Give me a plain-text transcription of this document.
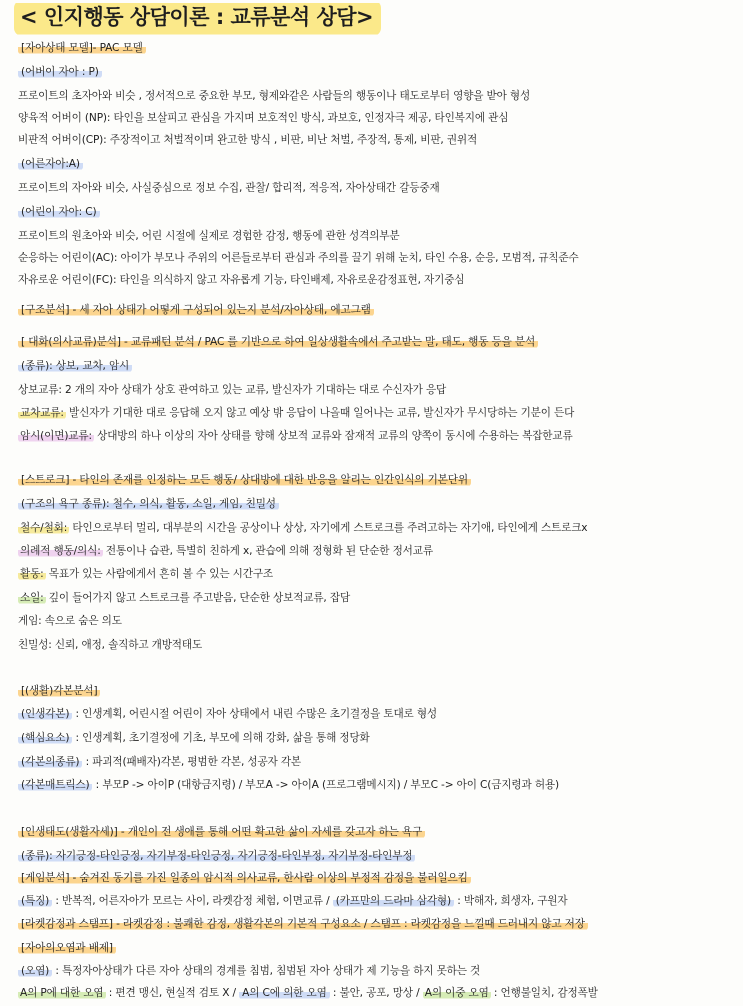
< 인지행동 상담이론 : 교류분석 상담>
[자아상태 모델]- PAC 모델
(어버이 자아 : P)
프로이트의 초자아와 비슷 , 정서적으로 중요한 부모, 형제와같은 사람들의 행동이나 태도로부터 영향을 받아 형성
양육적 어버이 (NP): 타인을 보살피고 관심을 가지며 보호적인 방식, 과보호, 인정자극 제공, 타인복지에 관심
비판적 어버이(CP): 주장적이고 처벌적이며 완고한 방식 , 비판, 비난 처벌, 주장적, 통제, 비판, 권위적
(어른자아:A)
프로이트의 자아와 비슷, 사실중심으로 정보 수집, 관찰/ 합리적, 적응적, 자아상태간 갈등중재
(어린이 자아: C)
프로이트의 원초아와 비슷, 어린 시절에 실제로 경험한 감정, 행동에 관한 성격의부분
순응하는 어린이(AC): 아이가 부모나 주위의 어른들로부터 관심과 주의를 끌기 위해 눈치, 타인 수용, 순응, 모범적, 규칙준수
자유로운 어린이(FC): 타인을 의식하지 않고 자유롭게 기능, 타인배제, 자유로운감정표현, 자기중심
[구조분석] - 세 자아 상태가 어떻게 구성되어 있는지 분석/자아상태, 에고그램
[ 대화(의사교류)분석] - 교류패턴 분석 / PAC 를 기반으로 하여 일상생활속에서 주고받는 말, 태도, 행동 등을 분석
(종류): 상보, 교차, 암시
상보교류: 2 개의 자아 상태가 상호 관여하고 있는 교류, 발신자가 기대하는 대로 수신자가 응답
교차교류: 발신자가 기대한 대로 응답해 오지 않고 예상 밖 응답이 나올때 일어나는 교류, 발신자가 무시당하는 기분이 든다
암시(이면)교류: 상대방의 하나 이상의 자아 상태를 향해 상보적 교류와 잠재적 교류의 양쪽이 동시에 수용하는 복잡한교류
[스트로크] - 타인의 존재를 인정하는 모든 행동/ 상대방에 대한 반응을 알리는 인간인식의 기본단위
(구조의 욕구 종류): 철수, 의식, 활동, 소일, 게임, 친밀성
철수/철회: 타인으로부터 멀리, 대부분의 시간을 공상이나 상상, 자기에게 스트로크를 주려고하는 자기애, 타인에게 스트로크x
의례적 행동/의식: 전통이나 습관, 특별히 친하게 x, 관습에 의해 정형화 된 단순한 정서교류
활동: 목표가 있는 사람에게서 흔히 볼 수 있는 시간구조
소일: 깊이 들어가지 않고 스트로크를 주고받음, 단순한 상보적교류, 잡담
게임: 속으로 숨은 의도
친밀성: 신뢰, 애정, 솔직하고 개방적태도
[(생활)각본분석]
(인생각본) : 인생계획, 어린시절 어린이 자아 상태에서 내린 수많은 초기결정을 토대로 형성
(핵심요소) : 인생계획, 초기결정에 기초, 부모에 의해 강화, 삶을 통해 정당화
(각본의종류) : 파괴적(패배자)각본, 평범한 각본, 성공자 각본
(각본매트릭스) : 부모P -> 아이P (대항금지령) / 부모A -> 아이A (프로그램메시지) / 부모C -> 아이 C(금지령과 허용)
[인생태도(생활자세)] - 개인이 전 생애를 통해 어떤 확고한 삶이 자세를 갖고자 하는 욕구
(종류): 자기긍정-타인긍정, 자기부정-타인긍정, 자기긍정-타인부정, 자기부정-타인부정
[게임분석] - 숨겨진 동기를 가진 일종의 암시적 의사교류, 한사람 이상의 부정적 감정을 불러일으킴
(특징) : 반복적, 어른자아가 모르는 사이, 라켓감정 체험, 이면교류 / (카프만의 드라마 삼각형) : 박해자, 희생자, 구원자
[라켓감정과 스탬프] - 라켓감정 : 불쾌한 감정, 생활각본의 기본적 구성요소 / 스탬프 : 라켓감정을 느낄때 드러내지 않고 저장
[자아의오염과 배제]
(오염) : 특정자아상태가 다른 자아 상태의 경계를 침범, 침범된 자아 상태가 제 기능을 하지 못하는 것
A의 P에 대한 오염 : 편견 맹신, 현실적 검토 X / A의 C에 의한 오염 : 불안, 공포, 망상 / A의 이중 오염 : 언행불일치, 감정폭발
